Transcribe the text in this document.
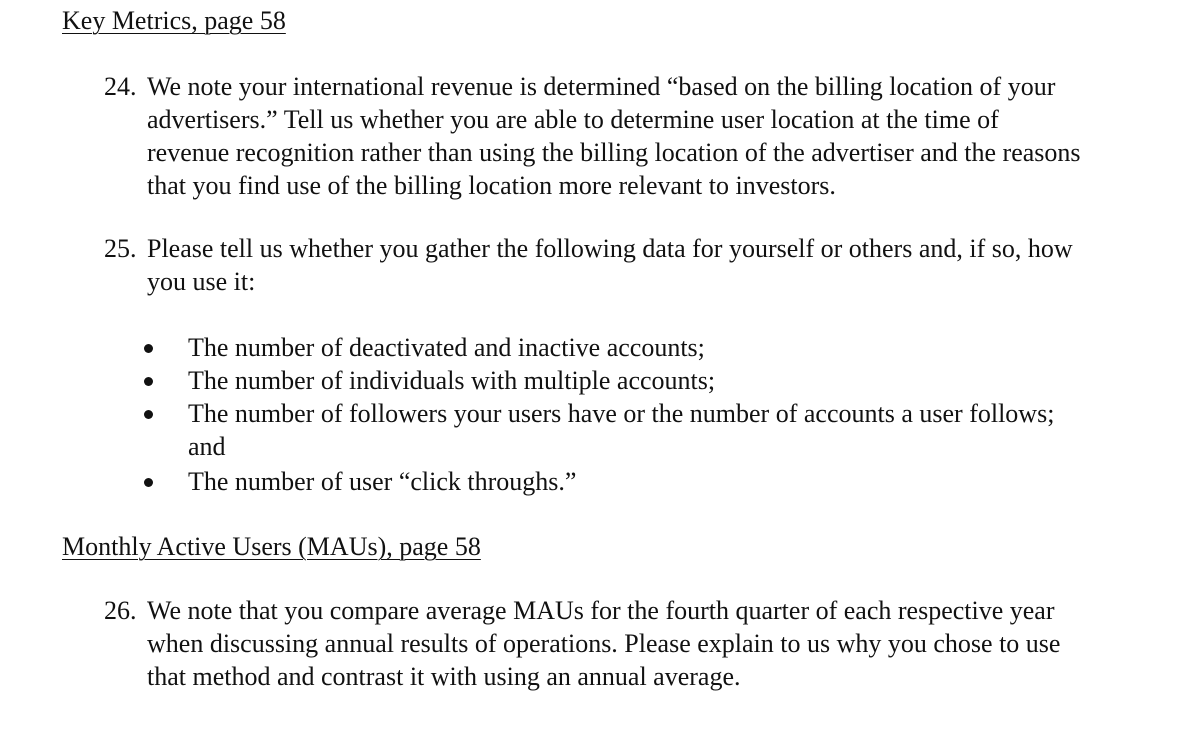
Key Metrics, page 58
24. We note your international revenue is determined “based on the billing location of your
advertisers.” Tell us whether you are able to determine user location at the time of
revenue recognition rather than using the billing location of the advertiser and the reasons
that you find use of the billing location more relevant to investors.
25. Please tell us whether you gather the following data for yourself or others and, if so, how
you use it:
The number of deactivated and inactive accounts;
The number of individuals with multiple accounts;
The number of followers your users have or the number of accounts a user follows;
and
The number of user “click throughs.”
Monthly Active Users (MAUs), page 58
26. We note that you compare average MAUs for the fourth quarter of each respective year
when discussing annual results of operations. Please explain to us why you chose to use
that method and contrast it with using an annual average.
